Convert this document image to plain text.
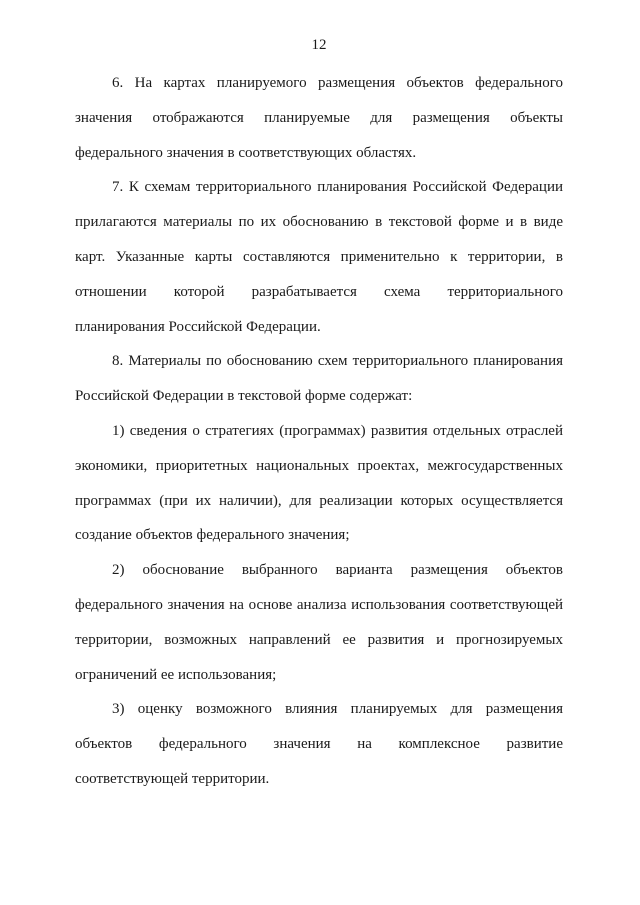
12
6. На картах планируемого размещения объектов федерального
значения отображаются планируемые для размещения объекты
федерального значения в соответствующих областях.
7. К схемам территориального планирования Российской Федерации
прилагаются материалы по их обоснованию в текстовой форме и в виде
карт. Указанные карты составляются применительно к территории, в
отношении которой разрабатывается схема территориального
планирования Российской Федерации.
8. Материалы по обоснованию схем территориального планирования
Российской Федерации в текстовой форме содержат:
1) сведения о стратегиях (программах) развития отдельных отраслей
экономики, приоритетных национальных проектах, межгосударственных
программах (при их наличии), для реализации которых осуществляется
создание объектов федерального значения;
2) обоснование выбранного варианта размещения объектов
федерального значения на основе анализа использования соответствующей
территории, возможных направлений ее развития и прогнозируемых
ограничений ее использования;
3) оценку возможного влияния планируемых для размещения
объектов федерального значения на комплексное развитие
соответствующей территории.
